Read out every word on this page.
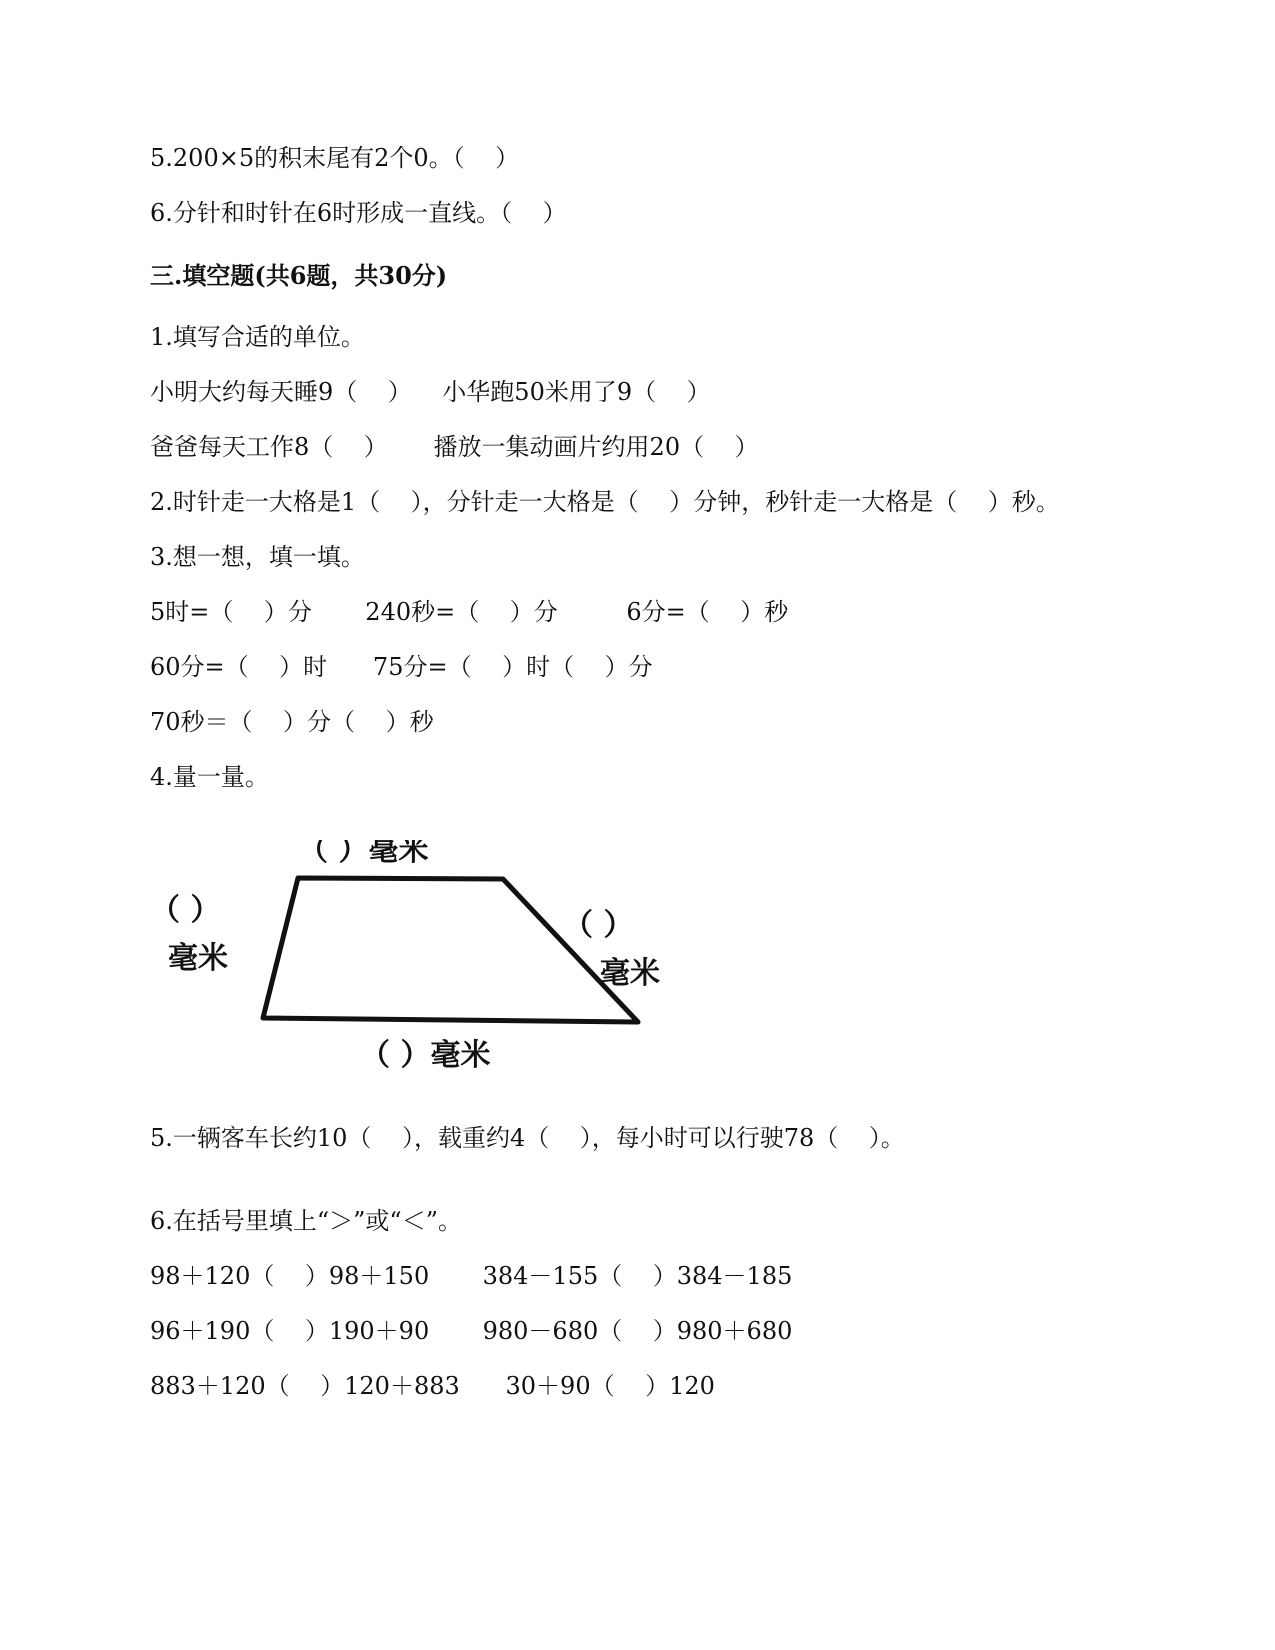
5.200×5的积末尾有2个0。（    ）
6.分针和时针在6时形成一直线。（    ）
三.填空题(共6题，共30分)
1.填写合适的单位。
小明大约每天睡9（    ）    小华跑50米用了9（    ）
爸爸每天工作8（    ）      播放一集动画片约用20（    ）
2.时针走一大格是1（    ），分针走一大格是（    ）分钟，秒针走一大格是（    ）秒。
3.想一想，填一填。
5时=（    ）分       240秒=（    ）分         6分=（    ）秒
60分=（    ）时      75分=（    ）时（    ）分
70秒＝（    ）分（    ）秒
4.量一量。
（ ）毫米
（ ）
毫米
（ ）
毫米
（ ）毫米
5.一辆客车长约10（    ），载重约4（    ），每小时可以行驶78（    ）。
6.在括号里填上“＞”或“＜”。
98＋120（    ）98＋150       384－155（    ）384－185
96＋190（    ）190＋90       980－680（    ）980＋680
883＋120（    ）120＋883      30＋90（    ）120
